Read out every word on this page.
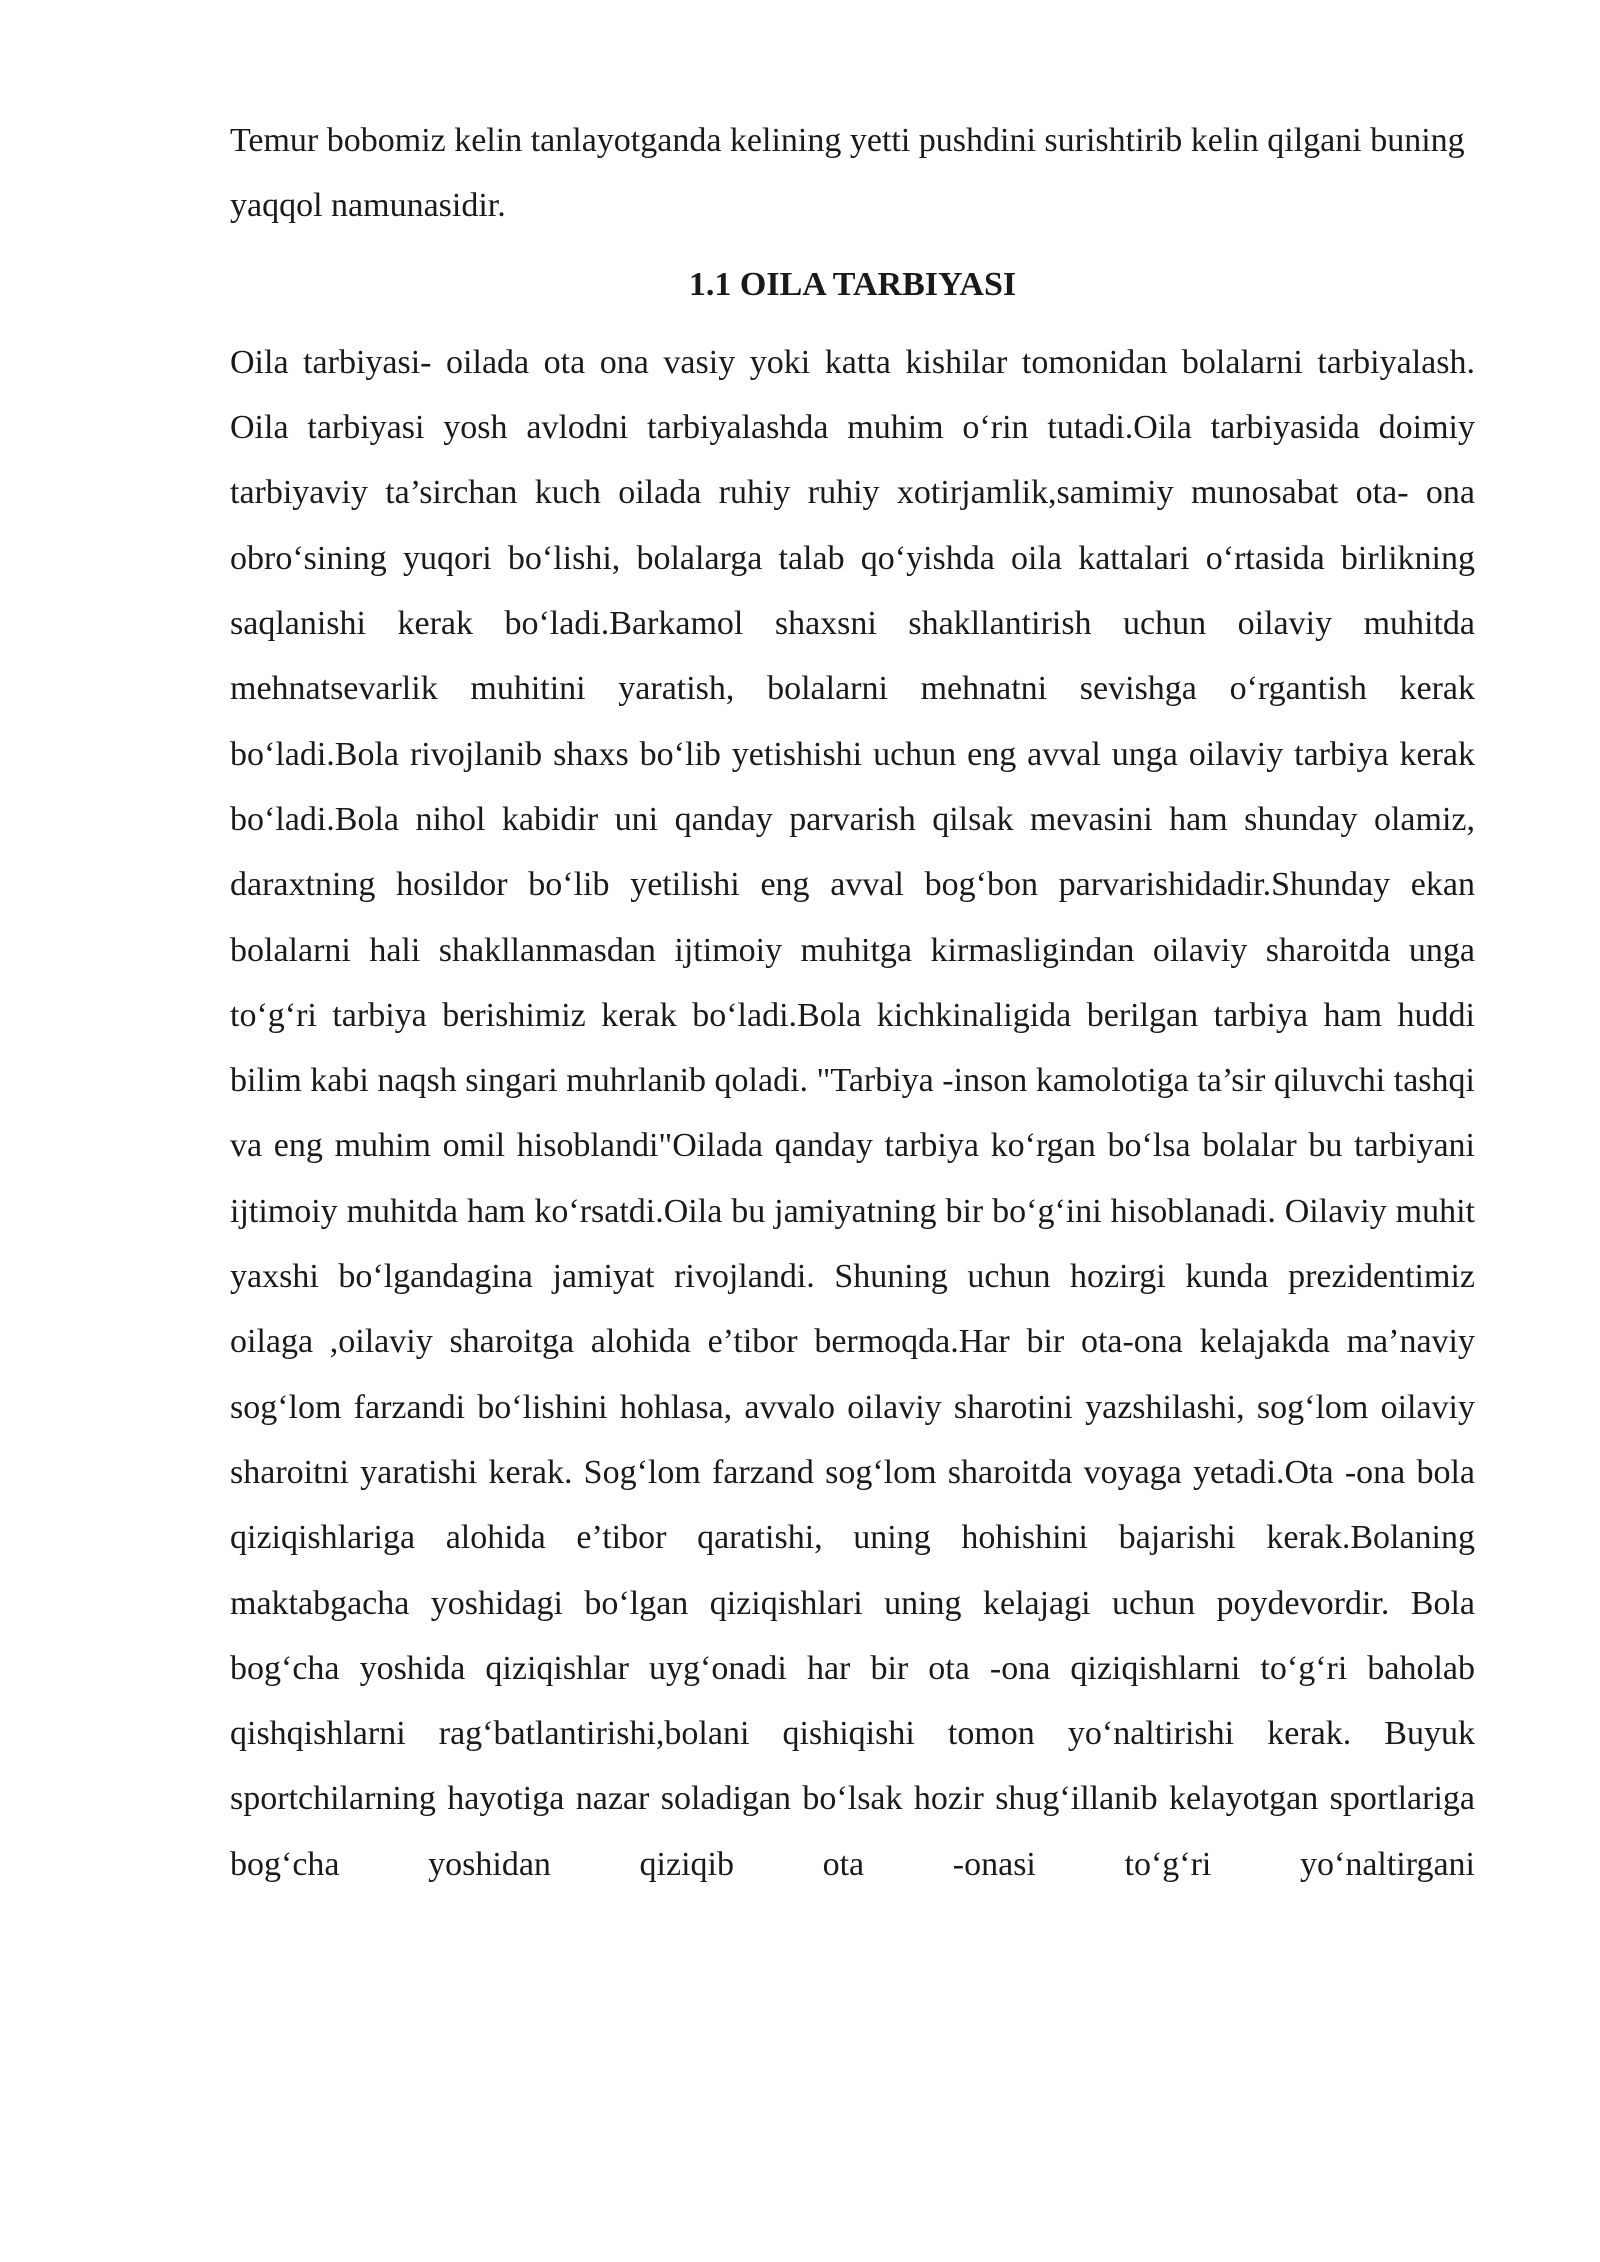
Temur bobomiz kelin tanlayotganda kelining yetti pushdini surishtirib kelin qilgani buning yaqqol namunasidir.

1.1 OILA TARBIYASI

Oila tarbiyasi- oilada ota ona vasiy yoki katta kishilar tomonidan bolalarni tarbiyalash. Oila tarbiyasi yosh avlodni tarbiyalashda muhim o‘rin tutadi.Oila tarbiyasida doimiy tarbiyaviy ta’sirchan kuch oilada ruhiy ruhiy xotirjamlik,samimiy munosabat ota- ona obro‘sining yuqori bo‘lishi, bolalarga talab qo‘yishda oila kattalari o‘rtasida birlikning saqlanishi kerak bo‘ladi.Barkamol shaxsni shakllantirish uchun oilaviy muhitda mehnatsevarlik muhitini yaratish, bolalarni mehnatni sevishga o‘rgantish kerak bo‘ladi.Bola rivojlanib shaxs bo‘lib yetishishi uchun eng avval unga oilaviy tarbiya kerak bo‘ladi.Bola nihol kabidir uni qanday parvarish qilsak mevasini ham shunday olamiz, daraxtning hosildor bo‘lib yetilishi eng avval bog‘bon parvarishidadir.Shunday ekan bolalarni hali shakllanmasdan ijtimoiy muhitga kirmasligindan oilaviy sharoitda unga to‘g‘ri tarbiya berishimiz kerak bo‘ladi.Bola kichkinaligida berilgan tarbiya ham huddi bilim kabi naqsh singari muhrlanib qoladi. "Tarbiya -inson kamolotiga ta’sir qiluvchi tashqi va eng muhim omil hisoblandi"Oilada qanday tarbiya ko‘rgan bo‘lsa bolalar bu tarbiyani ijtimoiy muhitda ham ko‘rsatdi.Oila bu jamiyatning bir bo‘g‘ini hisoblanadi. Oilaviy muhit yaxshi bo‘lgandagina jamiyat rivojlandi. Shuning uchun hozirgi kunda prezidentimiz oilaga ,oilaviy sharoitga alohida e’tibor bermoqda.Har bir ota-ona kelajakda ma’naviy sog‘lom farzandi bo‘lishini hohlasa, avvalo oilaviy sharotini yazshilashi, sog‘lom oilaviy sharoitni yaratishi kerak. Sog‘lom farzand sog‘lom sharoitda voyaga yetadi.Ota -ona bola qiziqishlariga alohida e’tibor qaratishi, uning hohishini bajarishi kerak.Bolaning maktabgacha yoshidagi bo‘lgan qiziqishlari uning kelajagi uchun poydevordir. Bola bog‘cha yoshida qiziqishlar uyg‘onadi har bir ota -ona qiziqishlarni to‘g‘ri baholab qishqishlarni rag‘batlantirishi,bolani qishiqishi tomon yo‘naltirishi kerak. Buyuk sportchilarning hayotiga nazar soladigan bo‘lsak hozir shug‘illanib kelayotgan sportlariga bog‘cha yoshidan qiziqib ota -onasi to‘g‘ri yo‘naltirgani
